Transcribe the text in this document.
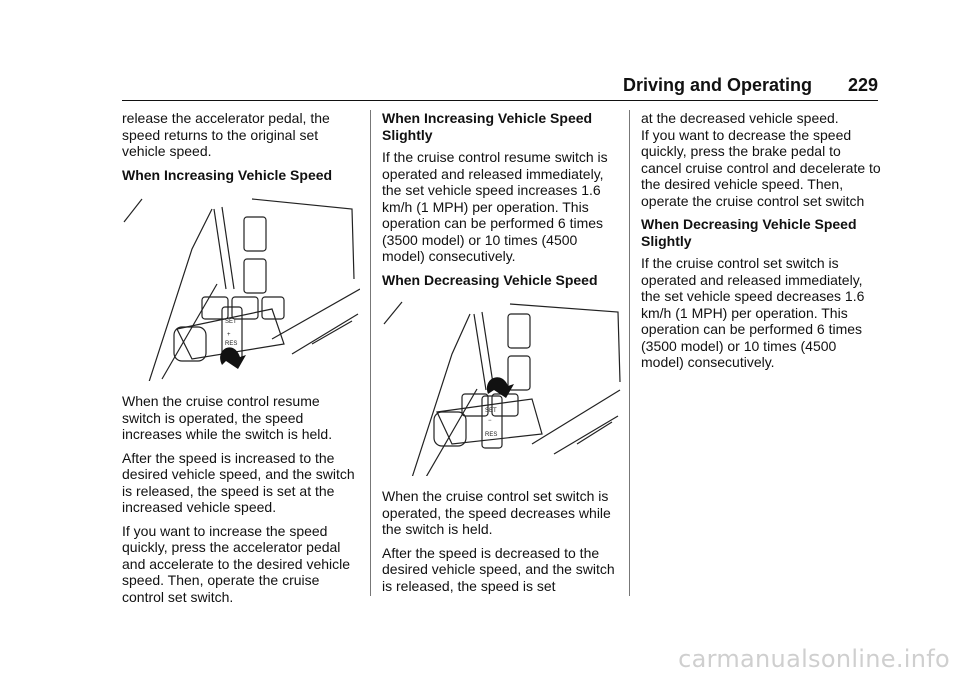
Driving and Operating 229

release the accelerator pedal, the speed returns to the original set vehicle speed.

When Increasing Vehicle Speed

SET
+
RES

When the cruise control resume switch is operated, the speed increases while the switch is held.

After the speed is increased to the desired vehicle speed, and the switch is released, the speed is set at the increased vehicle speed.

If you want to increase the speed quickly, press the accelerator pedal and accelerate to the desired vehicle speed. Then, operate the cruise control set switch.

When Increasing Vehicle Speed Slightly

If the cruise control resume switch is operated and released immediately, the set vehicle speed increases 1.6 km/h (1 MPH) per operation. This operation can be performed 6 times (3500 model) or 10 times (4500 model) consecutively.

When Decreasing Vehicle Speed

SET
−
RES

When the cruise control set switch is operated, the speed decreases while the switch is held.

After the speed is decreased to the desired vehicle speed, and the switch is released, the speed is set

at the decreased vehicle speed.

If you want to decrease the speed quickly, press the brake pedal to cancel cruise control and decelerate to the desired vehicle speed. Then, operate the cruise control set switch

When Decreasing Vehicle Speed Slightly

If the cruise control set switch is operated and released immediately, the set vehicle speed decreases 1.6 km/h (1 MPH) per operation. This operation can be performed 6 times (3500 model) or 10 times (4500 model) consecutively.

carmanualsonline.info
